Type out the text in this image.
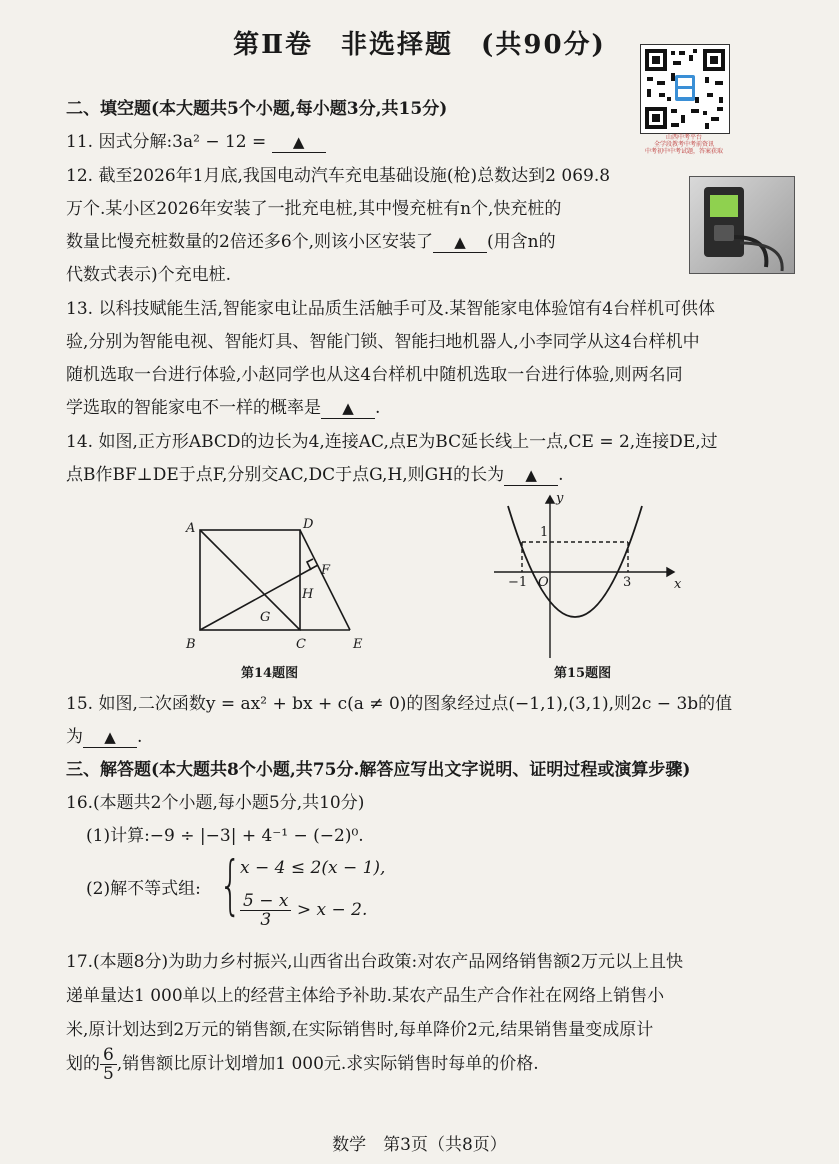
第Ⅱ卷　非选择题　(共90分)
山西中考平台
全学段教考中考前资讯
中考初中中考试题，答案获取
二、填空题(本大题共5个小题,每小题3分,共15分)
11. 因式分解:3a² − 12 = ▲
12. 截至2026年1月底,我国电动汽车充电基础设施(枪)总数达到2 069.8
万个.某小区2026年安装了一批充电桩,其中慢充桩有n个,快充桩的
数量比慢充桩数量的2倍还多6个,则该小区安装了 ▲ (用含n的
代数式表示)个充电桩.
13. 以科技赋能生活,智能家电让品质生活触手可及.某智能家电体验馆有4台样机可供体
验,分别为智能电视、智能灯具、智能门锁、智能扫地机器人,小李同学从这4台样机中
随机选取一台进行体验,小赵同学也从这4台样机中随机选取一台进行体验,则两名同
学选取的智能家电不一样的概率是 ▲ .
14. 如图,正方形ABCD的边长为4,连接AC,点E为BC延长线上一点,CE = 2,连接DE,过
点B作BF⊥DE于点F,分别交AC,DC于点G,H,则GH的长为 ▲ .
A	D
B	C	E
F
G
H
第14题图
y
x
1
−1 O	3
第15题图
15. 如图,二次函数y = ax² + bx + c(a ≠ 0)的图象经过点(−1,1),(3,1),则2c − 3b的值
为 ▲ .
三、解答题(本大题共8个小题,共75分.解答应写出文字说明、证明过程或演算步骤)
16.(本题共2个小题,每小题5分,共10分)
(1)计算:−9 ÷ |−3| + 4⁻¹ − (−2)⁰.
(2)解不等式组: {
x − 4 ≤ 2(x − 1),
$\frac{5 - x}{3} > x - 2$.
17.(本题8分)为助力乡村振兴,山西省出台政策:对农产品网络销售额2万元以上且快
递单量达1 000单以上的经营主体给予补助.某农产品生产合作社在网络上销售小
米,原计划达到2万元的销售额,在实际销售时,每单降价2元,结果销售量变成原计
划的 $\frac{6}{5}$ ,销售额比原计划增加1 000元.求实际销售时每单的价格.
数学　第3页（共8页）
